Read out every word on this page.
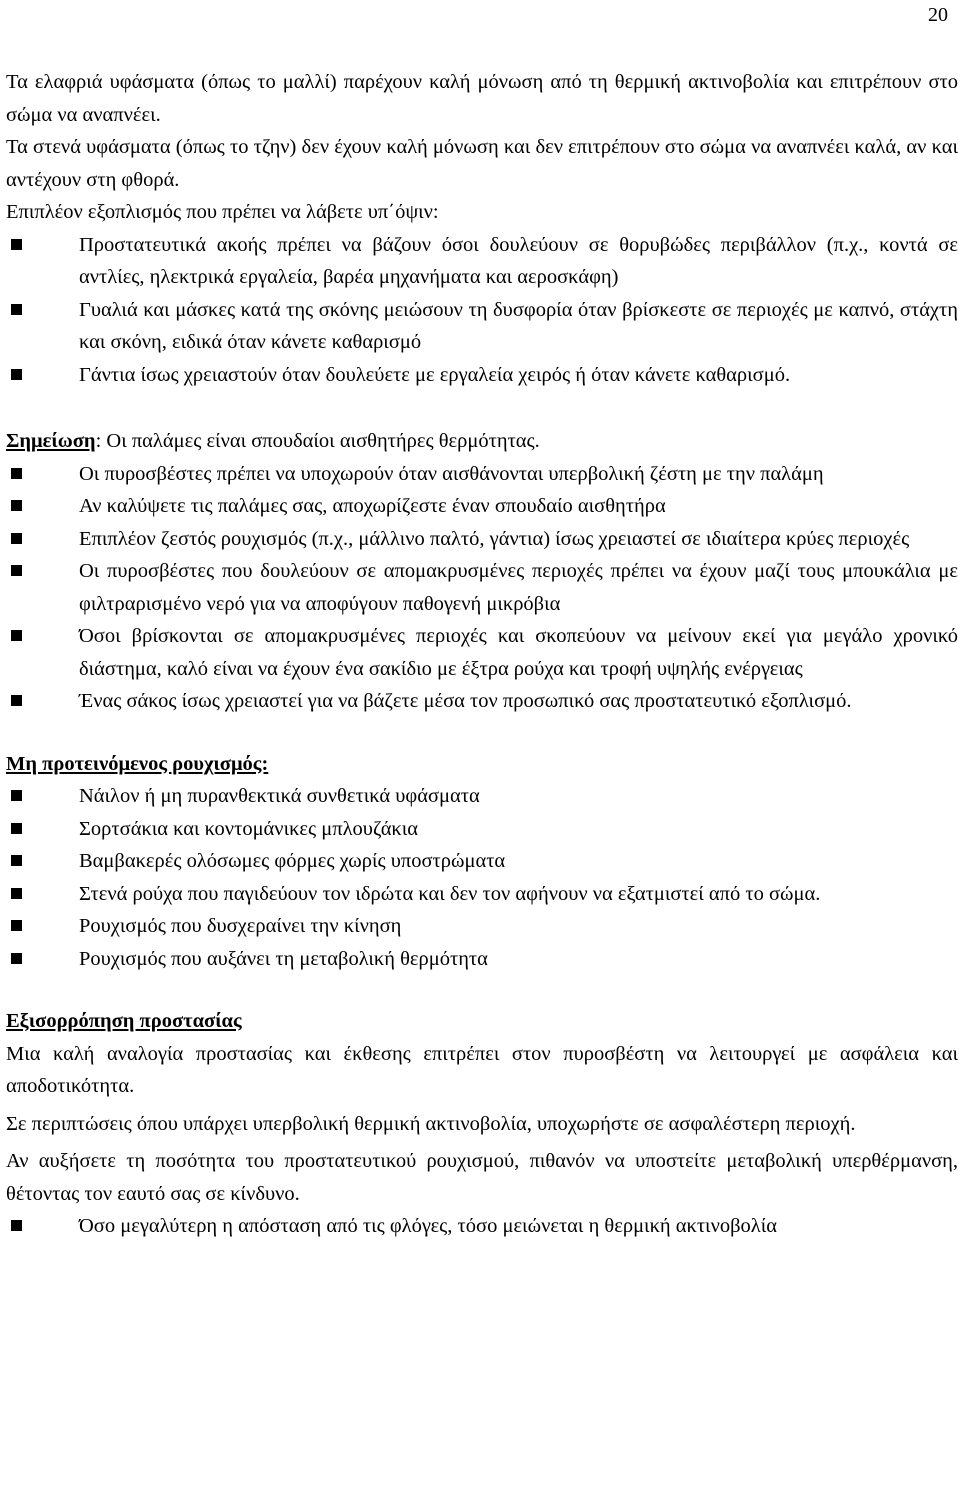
20

Τα ελαφριά υφάσματα (όπως το μαλλί) παρέχουν καλή μόνωση από τη θερμική ακτινοβολία και επιτρέπουν στο σώμα να αναπνέει.

Τα στενά υφάσματα (όπως το τζην) δεν έχουν καλή μόνωση και δεν επιτρέπουν στο σώμα να αναπνέει καλά, αν και αντέχουν στη φθορά.

Επιπλέον εξοπλισμός που πρέπει να λάβετε υπ΄όψιν:

Προστατευτικά ακοής πρέπει να βάζουν όσοι δουλεύουν σε θορυβώδες περιβάλλον (π.χ., κοντά σε αντλίες, ηλεκτρικά εργαλεία, βαρέα μηχανήματα και αεροσκάφη)
Γυαλιά και μάσκες κατά της σκόνης μειώσουν τη δυσφορία όταν βρίσκεστε σε περιοχές με καπνό, στάχτη και σκόνη, ειδικά όταν κάνετε καθαρισμό
Γάντια ίσως χρειαστούν όταν δουλεύετε με εργαλεία χειρός ή όταν κάνετε καθαρισμό.

Σημείωση: Οι παλάμες είναι σπουδαίοι αισθητήρες θερμότητας.

Οι πυροσβέστες πρέπει να υποχωρούν όταν αισθάνονται υπερβολική ζέστη με την παλάμη
Αν καλύψετε τις παλάμες σας, αποχωρίζεστε έναν σπουδαίο αισθητήρα
Επιπλέον ζεστός ρουχισμός (π.χ., μάλλινο παλτό, γάντια) ίσως χρειαστεί σε ιδιαίτερα κρύες περιοχές
Οι πυροσβέστες που δουλεύουν σε απομακρυσμένες περιοχές πρέπει να έχουν μαζί τους μπουκάλια με φιλτραρισμένο νερό για να αποφύγουν παθογενή μικρόβια
Όσοι βρίσκονται σε απομακρυσμένες περιοχές και σκοπεύουν να μείνουν εκεί για μεγάλο χρονικό διάστημα, καλό είναι να έχουν ένα σακίδιο με έξτρα ρούχα και τροφή υψηλής ενέργειας
Ένας σάκος ίσως χρειαστεί για να βάζετε μέσα τον προσωπικό σας προστατευτικό εξοπλισμό.

Μη προτεινόμενος ρουχισμός:

Νάιλον ή μη πυρανθεκτικά συνθετικά υφάσματα
Σορτσάκια και κοντομάνικες μπλουζάκια
Βαμβακερές ολόσωμες φόρμες χωρίς υποστρώματα
Στενά ρούχα που παγιδεύουν τον ιδρώτα και δεν τον αφήνουν να εξατμιστεί από το σώμα.
Ρουχισμός που δυσχεραίνει την κίνηση
Ρουχισμός που αυξάνει τη μεταβολική θερμότητα

Εξισορρόπηση προστασίας

Μια καλή αναλογία προστασίας και έκθεσης επιτρέπει στον πυροσβέστη να λειτουργεί με ασφάλεια και αποδοτικότητα.

Σε περιπτώσεις όπου υπάρχει υπερβολική θερμική ακτινοβολία, υποχωρήστε σε ασφαλέστερη περιοχή.

Αν αυξήσετε τη ποσότητα του προστατευτικού ρουχισμού, πιθανόν να υποστείτε μεταβολική υπερθέρμανση, θέτοντας τον εαυτό σας σε κίνδυνο.

Όσο μεγαλύτερη η απόσταση από τις φλόγες, τόσο μειώνεται η θερμική ακτινοβολία
